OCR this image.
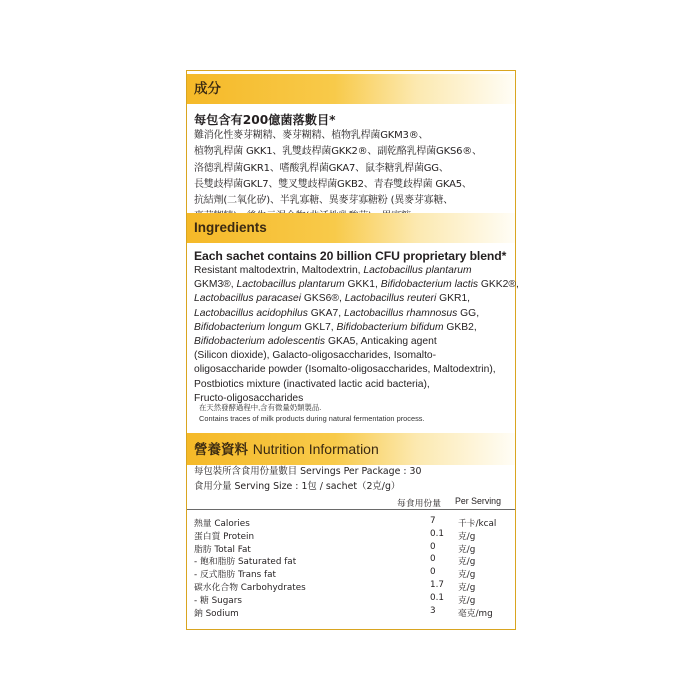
成分
每包含有200億菌落數目*
難消化性麥芽糊精、麥芽糊精、植物乳桿菌GKM3®、
植物乳桿菌 GKK1、乳雙歧桿菌GKK2®、副乾酪乳桿菌GKS6®、
洛德乳桿菌GKR1、嗜酸乳桿菌GKA7、鼠李糖乳桿菌GG、
長雙歧桿菌GKL7、雙叉雙歧桿菌GKB2、青春雙歧桿菌 GKA5、
抗結劑(二氧化矽)、半乳寡糖、異麥芽寡糖粉 (異麥芽寡糖、
Ingredients
Each sachet contains 20 billion CFU proprietary blend*
Resistant maltodextrin, Maltodextrin, Lactobacillus plantarum
GKM3®, Lactobacillus plantarum GKK1, Bifidobacterium lactis GKK2®,
Lactobacillus paracasei GKS6®, Lactobacillus reuteri GKR1,
Lactobacillus acidophilus GKA7, Lactobacillus rhamnosus GG,
Bifidobacterium longum GKL7, Bifidobacterium bifidum GKB2,
Bifidobacterium adolescentis GKA5, Anticaking agent
(Silicon dioxide), Galacto-oligosaccharides, Isomalto-
oligosaccharide powder (Isomalto-oligosaccharides, Maltodextrin),
Postbiotics mixture (inactivated lactic acid bacteria),
Fructo-oligosaccharides
在天然發酵過程中,含有微量奶類製品.
Contains traces of milk products during natural fermentation process.
營養資料 Nutrition Information
每包裝所含食用份量數目 Servings Per Package : 30
食用分量 Serving Size : 1包 / sachet（2克/g）
每食用份量 Per Serving
熱量 Calories	7	千卡/kcal
蛋白質 Protein	0.1 克/g
脂肪 Total Fat	0	克/g
- 飽和脂肪 Saturated fat	0	克/g
- 反式脂肪 Trans fat	0	克/g
碳水化合物 Carbohydrates	1.7 克/g
- 糖 Sugars	0.1 克/g
鈉 Sodium	3	毫克/mg
